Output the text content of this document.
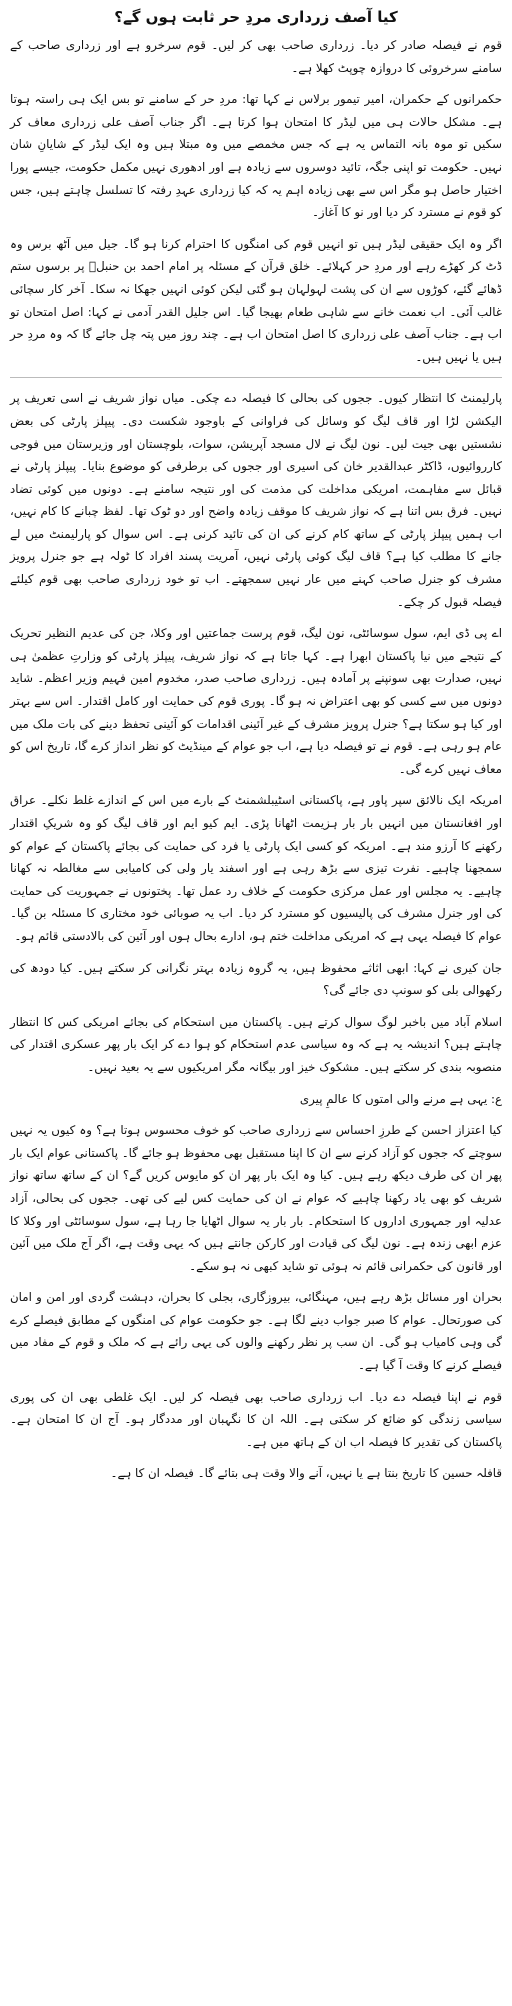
کیا آصف زرداری مردِ حر ثابت ہوں گے؟

قوم نے فیصلہ صادر کر دیا۔ زرداری صاحب بھی کر لیں۔ قوم سرخرو ہے اور زرداری صاحب کے سامنے سرخروئی کا دروازہ چوپٹ کھلا ہے۔

حکمرانوں کے حکمران، امیر تیمور برلاس نے کہا تھا: مردِ حر کے سامنے تو بس ایک ہی راستہ ہوتا ہے۔ مشکل حالات ہی میں لیڈر کا امتحان ہوا کرتا ہے۔ اگر جناب آصف علی زرداری معاف کر سکیں تو موہ بانہ التماس یہ ہے کہ جس مخمصے میں وہ مبتلا ہیں وہ ایک لیڈر کے شایانِ شان نہیں۔ حکومت تو اپنی جگہ، تائید دوسروں سے زیادہ ہے اور ادھوری نہیں مکمل حکومت، جیسے پورا اختیار حاصل ہو مگر اس سے بھی زیادہ اہم یہ کہ کیا زرداری عہدِ رفتہ کا تسلسل چاہتے ہیں، جس کو قوم نے مسترد کر دیا اور نو کا آغاز۔

اگر وہ ایک حقیقی لیڈر ہیں تو انہیں قوم کی امنگوں کا احترام کرنا ہو گا۔ جیل میں آٹھ برس وہ ڈٹ کر کھڑے رہے اور مردِ حر کہلائے۔ خلق قرآن کے مسئلہ پر امام احمد بن حنبلؒ پر برسوں ستم ڈھائے گئے، کوڑوں سے ان کی پشت لہولہان ہو گئی لیکن کوئی انہیں جھکا نہ سکا۔ آخر کار سچائی غالب آئی۔ اب نعمت خانے سے شاہی طعام بھیجا گیا۔ اس جلیل القدر آدمی نے کہا: اصل امتحان تو اب ہے۔ جناب آصف علی زرداری کا اصل امتحان اب ہے۔ چند روز میں پتہ چل جائے گا کہ وہ مردِ حر ہیں یا نہیں ہیں۔

پارلیمنٹ کا انتظار کیوں۔ ججوں کی بحالی کا فیصلہ دے چکی۔ میاں نواز شریف نے اسی تعریف پر الیکشن لڑا اور قاف لیگ کو وسائل کی فراوانی کے باوجود شکست دی۔ پیپلز پارٹی کی بعض نشستیں بھی جیت لیں۔ نون لیگ نے لال مسجد آپریشن، سوات، بلوچستان اور وزیرستان میں فوجی کارروائیوں، ڈاکٹر عبدالقدیر خان کی اسیری اور ججوں کی برطرفی کو موضوع بنایا۔ پیپلز پارٹی نے قبائل سے مفاہمت، امریکی مداخلت کی مذمت کی اور نتیجہ سامنے ہے۔ دونوں میں کوئی تضاد نہیں۔ فرق بس اتنا ہے کہ نواز شریف کا موقف زیادہ واضح اور دو ٹوک تھا۔ لفظ چبانے کا کام نہیں، اب ہمیں پیپلز پارٹی کے ساتھ کام کرنے کی ان کی تائید کرنی ہے۔ اس سوال کو پارلیمنٹ میں لے جانے کا مطلب کیا ہے؟ قاف لیگ کوئی پارٹی نہیں، آمریت پسند افراد کا ٹولہ ہے جو جنرل پرویز مشرف کو جنرل صاحب کہنے میں عار نہیں سمجھتے۔ اب تو خود زرداری صاحب بھی قوم کیلئے فیصلہ قبول کر چکے۔

اے پی ڈی ایم، سول سوسائٹی، نون لیگ، قوم پرست جماعتیں اور وکلا، جن کی عدیم النظیر تحریک کے نتیجے میں نیا پاکستان ابھرا ہے۔ کہا جاتا ہے کہ نواز شریف، پیپلز پارٹی کو وزارتِ عظمیٰ ہی نہیں، صدارت بھی سونپنے پر آمادہ ہیں۔ زرداری صاحب صدر، مخدوم امین فہیم وزیر اعظم۔ شاید دونوں میں سے کسی کو بھی اعتراض نہ ہو گا۔ پوری قوم کی حمایت اور کامل اقتدار۔ اس سے بہتر اور کیا ہو سکتا ہے؟ جنرل پرویز مشرف کے غیر آئینی اقدامات کو آئینی تحفظ دینے کی بات ملک میں عام ہو رہی ہے۔ قوم نے تو فیصلہ دیا ہے، اب جو عوام کے مینڈیٹ کو نظر انداز کرے گا، تاریخ اس کو معاف نہیں کرے گی۔

امریکہ ایک نالائق سپر پاور ہے، پاکستانی اسٹیبلشمنٹ کے بارے میں اس کے اندازے غلط نکلے۔ عراق اور افغانستان میں انہیں بار بار ہزیمت اٹھانا پڑی۔ ایم کیو ایم اور قاف لیگ کو وہ شریکِ اقتدار رکھنے کا آرزو مند ہے۔ امریکہ کو کسی ایک پارٹی یا فرد کی حمایت کی بجائے پاکستان کے عوام کو سمجھنا چاہیے۔ نفرت تیزی سے بڑھ رہی ہے اور اسفند یار ولی کی کامیابی سے مغالطہ نہ کھانا چاہیے۔ یہ مجلس اور عمل مرکزی حکومت کے خلاف رد عمل تھا۔ پختونوں نے جمہوریت کی حمایت کی اور جنرل مشرف کی پالیسیوں کو مسترد کر دیا۔ اب یہ صوبائی خود مختاری کا مسئلہ بن گیا۔ عوام کا فیصلہ یہی ہے کہ امریکی مداخلت ختم ہو، ادارے بحال ہوں اور آئین کی بالادستی قائم ہو۔

جان کیری نے کہا: ابھی اثاثے محفوظ ہیں، یہ گروہ زیادہ بہتر نگرانی کر سکتے ہیں۔ کیا دودھ کی رکھوالی بلی کو سونپ دی جائے گی؟

اسلام آباد میں باخبر لوگ سوال کرتے ہیں۔ پاکستان میں استحکام کی بجائے امریکی کس کا انتظار چاہتے ہیں؟ اندیشہ یہ ہے کہ وہ سیاسی عدم استحکام کو ہوا دے کر ایک بار پھر عسکری اقتدار کی منصوبہ بندی کر سکتے ہیں۔ مشکوک خیز اور بیگانہ مگر امریکیوں سے یہ بعید نہیں۔

ع: یہی ہے مرنے والی امتوں کا عالمِ پیری

کیا اعتزاز احسن کے طرزِ احساس سے زرداری صاحب کو خوف محسوس ہوتا ہے؟ وہ کیوں یہ نہیں سوچتے کہ ججوں کو آزاد کرنے سے ان کا اپنا مستقبل بھی محفوظ ہو جائے گا۔ پاکستانی عوام ایک بار پھر ان کی طرف دیکھ رہے ہیں۔ کیا وہ ایک بار پھر ان کو مایوس کریں گے؟ ان کے ساتھ ساتھ نواز شریف کو بھی یاد رکھنا چاہیے کہ عوام نے ان کی حمایت کس لیے کی تھی۔ ججوں کی بحالی، آزاد عدلیہ اور جمہوری اداروں کا استحکام۔ بار بار یہ سوال اٹھایا جا رہا ہے، سول سوسائٹی اور وکلا کا عزم ابھی زندہ ہے۔ نون لیگ کی قیادت اور کارکن جانتے ہیں کہ یہی وقت ہے، اگر آج ملک میں آئین اور قانون کی حکمرانی قائم نہ ہوئی تو شاید کبھی نہ ہو سکے۔

بحران اور مسائل بڑھ رہے ہیں، مہنگائی، بیروزگاری، بجلی کا بحران، دہشت گردی اور امن و امان کی صورتحال۔ عوام کا صبر جواب دینے لگا ہے۔ جو حکومت عوام کی امنگوں کے مطابق فیصلے کرے گی وہی کامیاب ہو گی۔ ان سب پر نظر رکھنے والوں کی یہی رائے ہے کہ ملک و قوم کے مفاد میں فیصلے کرنے کا وقت آ گیا ہے۔

قوم نے اپنا فیصلہ دے دیا۔ اب زرداری صاحب بھی فیصلہ کر لیں۔ ایک غلطی بھی ان کی پوری سیاسی زندگی کو ضائع کر سکتی ہے۔ اللہ ان کا نگہبان اور مددگار ہو۔ آج ان کا امتحان ہے۔ پاکستان کی تقدیر کا فیصلہ اب ان کے ہاتھ میں ہے۔

قافلہ حسین کا تاریخ بنتا ہے یا نہیں، آنے والا وقت ہی بتائے گا۔ فیصلہ ان کا ہے۔
